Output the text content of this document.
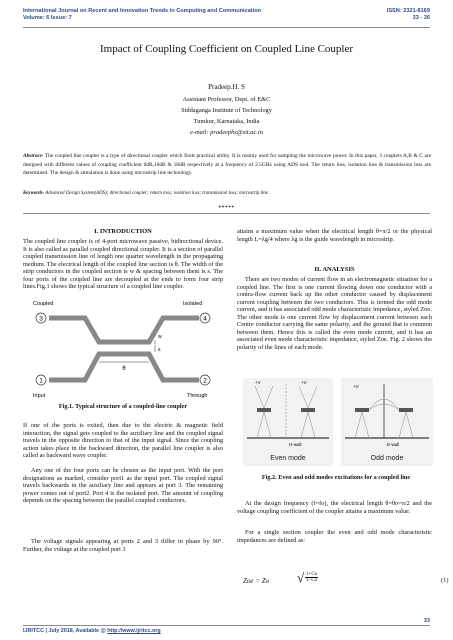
International Journal on Recent and Innovation Trends in Computing and Communication
Volume: 6 Issue: 7
ISSN: 2321-8169
33 - 36
Impact of Coupling Coefficient on Coupled Line Coupler
Pradeep.H. S
Assistant Professor, Dept. of E&C
Siddaganga Institute of Technology
Tumkur, Karnataka, India
e-mail: pradeephs@sit.ac.in
Abstract- The coupled line coupler is a type of directional coupler which finds practical utility. It is mainly used for sampling the microwave power. In this paper, 3 couplers A,B & C are designed with different values of coupling coefficient 6dB,10dB & 18dB respectively at a frequency of 2.5GHz using ADS tool. The return loss, isolation loss & transmission loss are determined. The design & simulation is done using microstrip line technology.
Keywords- Advanced Design System(ADS); directional coupler; return loss; isolation loss; transmission loss; microstrip line.
*****
I. INTRODUCTION

The coupled line coupler is of 4-port microwave passive, bidirectional device. It is also called as parallel coupled directional coupler. It is a section of parallel coupled transmission line of length one quarter wavelength in the propagating medium. The electrical length of the coupled line section is θ. The width of the strip conductors in the coupled section is w & spacing between them is s. The four ports of the coupled line are decoupled at the ends to form four strip lines.Fig.1 shows the typical structure of a coupled line coupler.

3	4
1	2
Coupled	Isolated
Input	Through
θ
w
s
Fig.1. Typical structure of a coupled-line coupler

If one of the ports is exited, then due to the electric & magnetic field interaction, the signal gets coupled to the auxiliary line and the coupled signal travels in the opposite direction to that of the input signal. Since the coupling action takes place in the backward direction, the parallel line coupler is also called as backward wave coupler.

Any one of the four ports can be chosen as the input port. With the port designations as marked, consider port1 as the input port. The coupled signal travels backwards in the auxiliary line and appears at port 3. The remaining power comes out of port2. Port 4 is the isolated port. The amount of coupling depends on the spacing between the parallel coupled conductors.

The voltage signals appearing at ports 2 and 3 differ in phase by 90°. Further, the voltage at the coupled port 3

attains a maximum value when the electrical length θ=π/2 or the physical length L=λg/4 where λg is the guide wavelength in microstrip.

II. ANALYSIS

There are two modes of current flow in an electromagnetic situation for a coupled line. The first is one current flowing down one conductor with a contra-flow current back up the other conductor caused by displacement current coupling between the two conductors. This is termed the odd mode current, and it has associated odd mode characteristic impedance, styled Zoo. The other mode is one current flow by displacement current between each Centre conductor carrying the same polarity, and the ground that is common between them. Hence this is called the even mode current, and it has an associated even mode characteristic impedance, styled Zoe. Fig. 2 shows the polarity of the lines of each mode.

+V	+V
H-wall
Even mode
+V
E-wall
Odd mode
Fig.2. Even and odd modes excitations for a coupled line

At the design frequency (f=fo), the electrical length θ=θo=π/2 and the voltage coupling coefficient of the coupler attains a maximum value.

For a single section coupler the even and odd mode characteristic impedances are defined as:

Zoe = Zo √ $\frac{1+Co}{1-Co}$	(1)
33
IJRITCC | July 2018, Available @ http://www.ijritcc.org
